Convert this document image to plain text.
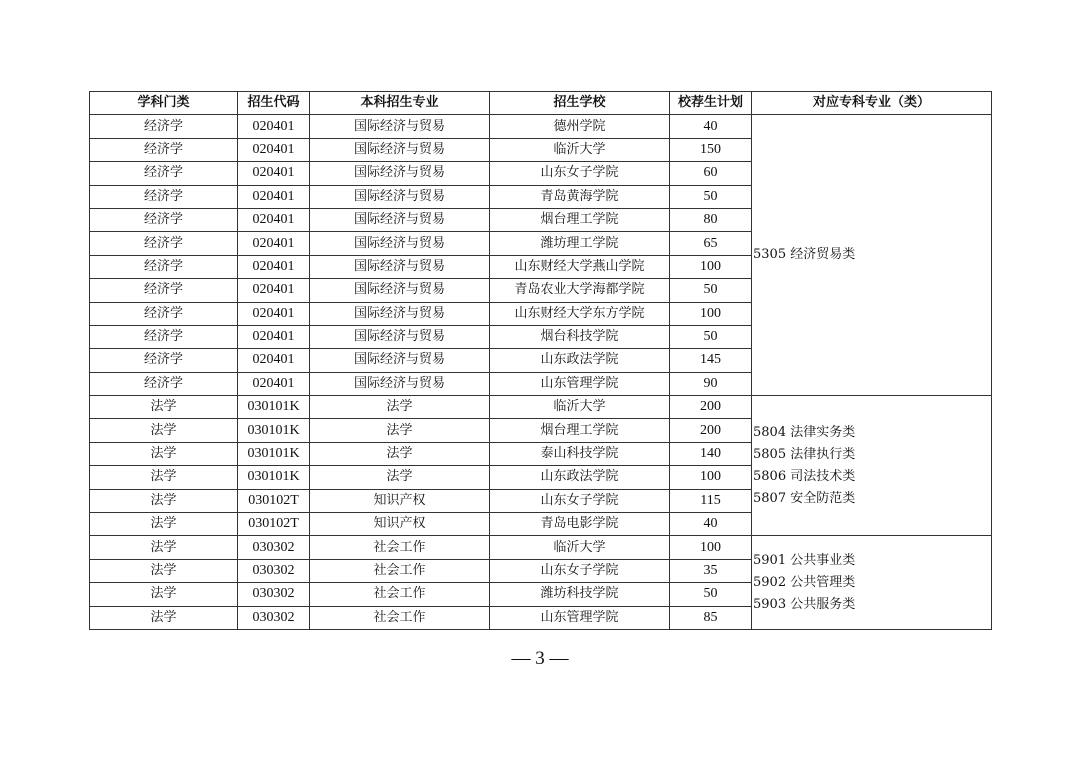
学科门类	招生代码	本科招生专业	招生学校	校荐生计划	对应专科专业（类）
经济学	020401	国际经济与贸易	德州学院	40	5305 经济贸易类

经济学	020401	国际经济与贸易	临沂大学	150	
经济学	020401	国际经济与贸易	山东女子学院	60	
经济学	020401	国际经济与贸易	青岛黄海学院	50	
经济学	020401	国际经济与贸易	烟台理工学院	80	
经济学	020401	国际经济与贸易	潍坊理工学院	65	
经济学	020401	国际经济与贸易	山东财经大学燕山学院	100	
经济学	020401	国际经济与贸易	青岛农业大学海都学院	50	
经济学	020401	国际经济与贸易	山东财经大学东方学院	100	
经济学	020401	国际经济与贸易	烟台科技学院	50	
经济学	020401	国际经济与贸易	山东政法学院	145	
经济学	020401	国际经济与贸易	山东管理学院	90	
法学	030101K	法学	临沂大学	200	5804 法律实务类
5805 法律执行类
5806 司法技术类
5807 安全防范类

法学	030101K	法学	烟台理工学院	200	
法学	030101K	法学	泰山科技学院	140	
法学	030101K	法学	山东政法学院	100	
法学	030102T	知识产权	山东女子学院	115	
法学	030102T	知识产权	青岛电影学院	40	
法学	030302	社会工作	临沂大学	100	5901 公共事业类
5902 公共管理类
5903 公共服务类

法学	030302	社会工作	山东女子学院	35	
法学	030302	社会工作	潍坊科技学院	50	
法学	030302	社会工作	山东管理学院	85	
— 3 —
